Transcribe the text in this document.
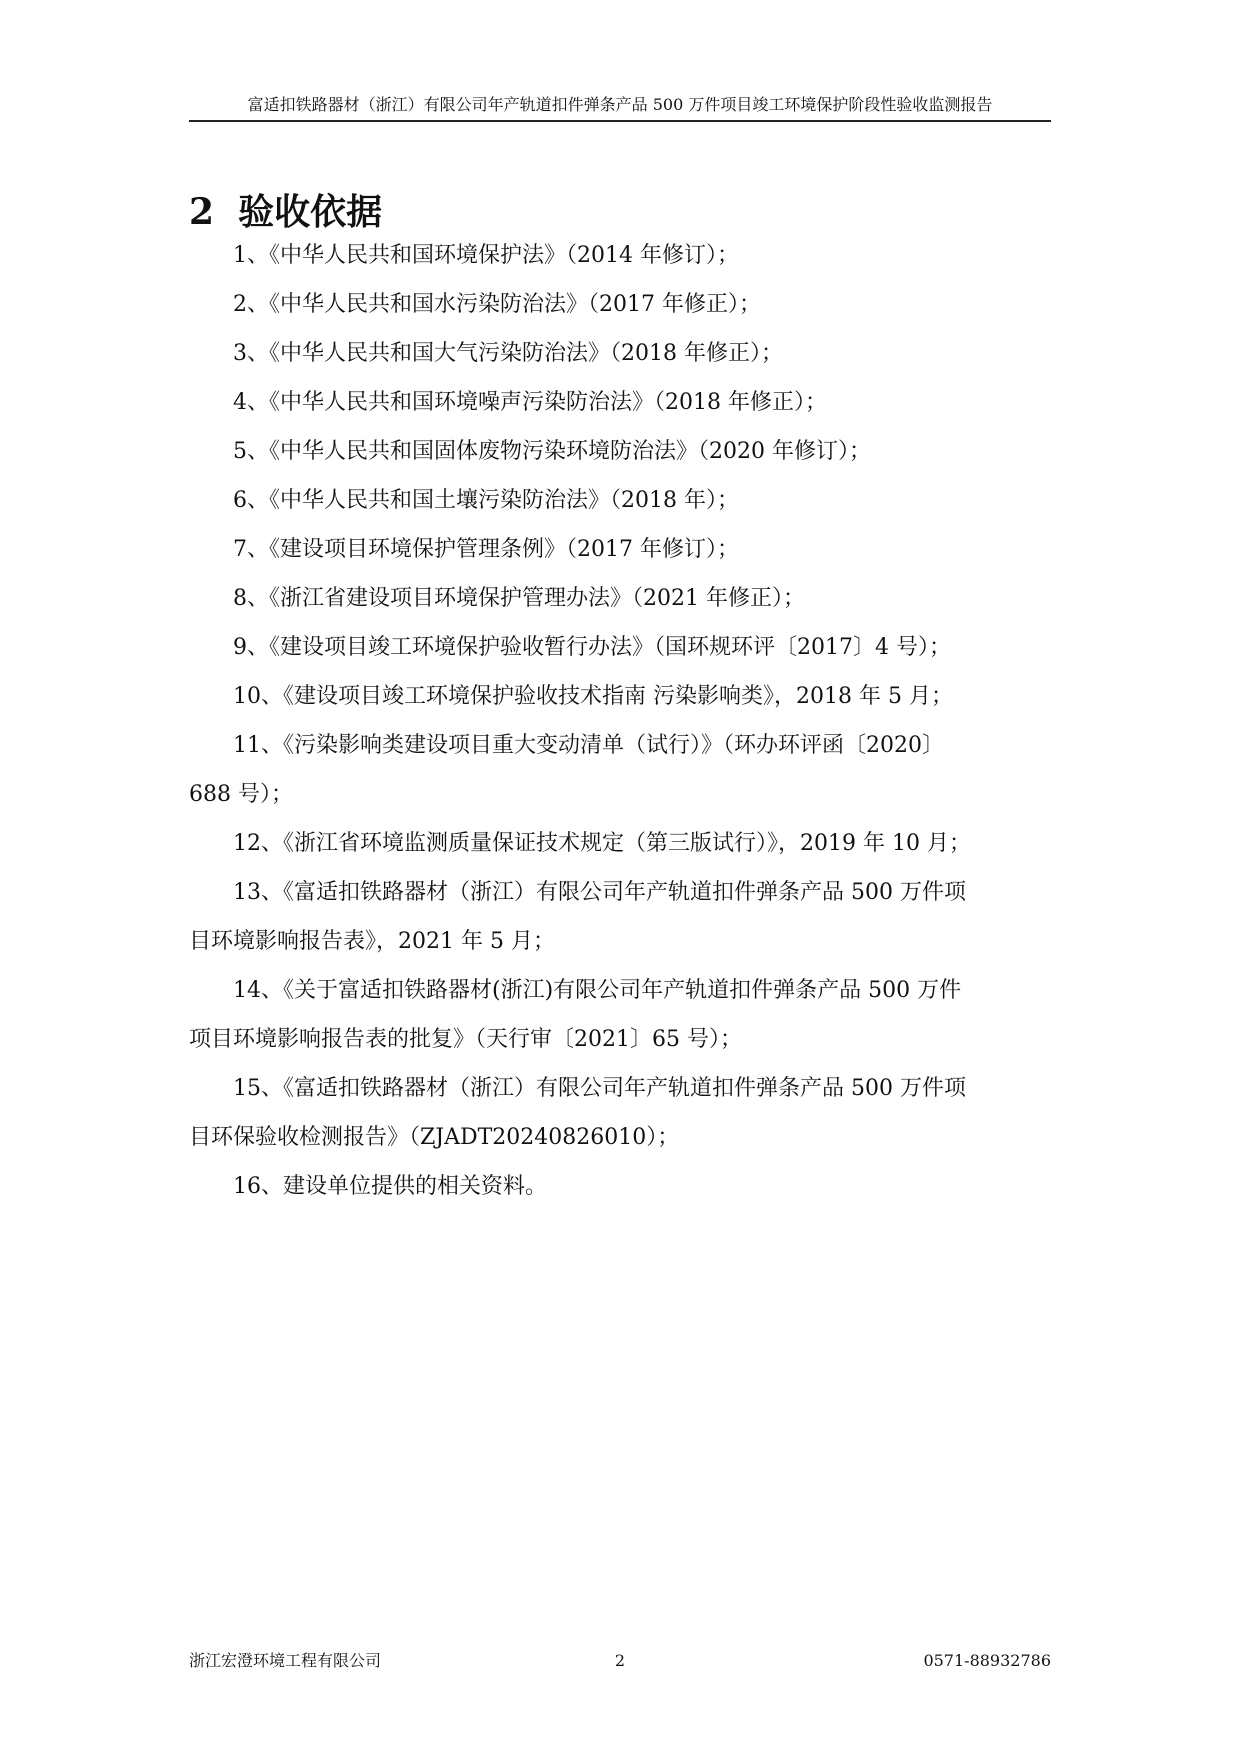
富适扣铁路器材（浙江）有限公司年产轨道扣件弹条产品 500 万件项目竣工环境保护阶段性验收监测报告
2 验收依据
1、《中华人民共和国环境保护法》（2014 年修订）；
2、《中华人民共和国水污染防治法》（2017 年修正）；
3、《中华人民共和国大气污染防治法》（2018 年修正）；
4、《中华人民共和国环境噪声污染防治法》（2018 年修正）；
5、《中华人民共和国固体废物污染环境防治法》（2020 年修订）；
6、《中华人民共和国土壤污染防治法》（2018 年）；
7、《建设项目环境保护管理条例》（2017 年修订）；
8、《浙江省建设项目环境保护管理办法》（2021 年修正）；
9、《建设项目竣工环境保护验收暂行办法》（国环规环评〔2017〕4 号）；
10、《建设项目竣工环境保护验收技术指南 污染影响类》，2018 年 5 月；
11、《污染影响类建设项目重大变动清单（试行）》（环办环评函〔2020〕
688 号）；
12、《浙江省环境监测质量保证技术规定（第三版试行）》，2019 年 10 月；
13、《富适扣铁路器材（浙江）有限公司年产轨道扣件弹条产品 500 万件项
目环境影响报告表》，2021 年 5 月；
14、《关于富适扣铁路器材(浙江)有限公司年产轨道扣件弹条产品 500 万件
项目环境影响报告表的批复》（天行审〔2021〕65 号）；
15、《富适扣铁路器材（浙江）有限公司年产轨道扣件弹条产品 500 万件项
目环保验收检测报告》（ZJADT20240826010）；
16、建设单位提供的相关资料。
浙江宏澄环境工程有限公司	2	0571-88932786
